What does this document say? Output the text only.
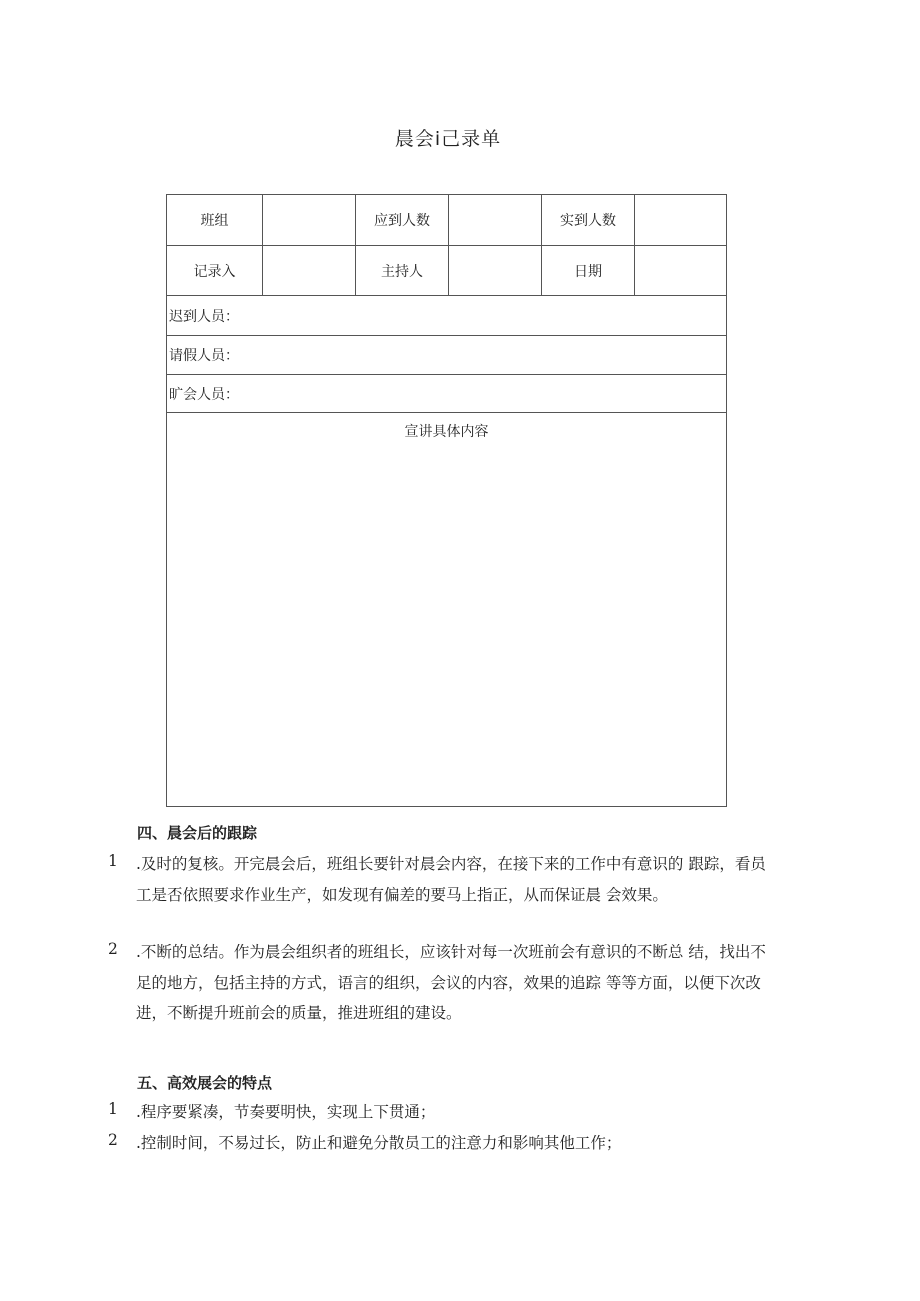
晨会ⅰ己录单
班组	应到人数	实到人数
记录入	主持人	日期
迟到人员：
请假人员：
旷会人员：
宣讲具体内容
四、晨会后的跟踪
1 .及时的复核。开完晨会后，班组长要针对晨会内容，在接下来的工作中有意识的 跟踪，看员工是否依照要求作业生产，如发现有偏差的要马上指正，从而保证晨 会效果。
2 .不断的总结。作为晨会组织者的班组长，应该针对每一次班前会有意识的不断总 结，找出不足的地方，包括主持的方式，语言的组织，会议的内容，效果的追踪 等等方面，以便下次改进，不断提升班前会的质量，推进班组的建设。
五、高效展会的特点
1 .程序要紧凑，节奏要明快，实现上下贯通；
2 .控制时间，不易过长，防止和避免分散员工的注意力和影响其他工作；
